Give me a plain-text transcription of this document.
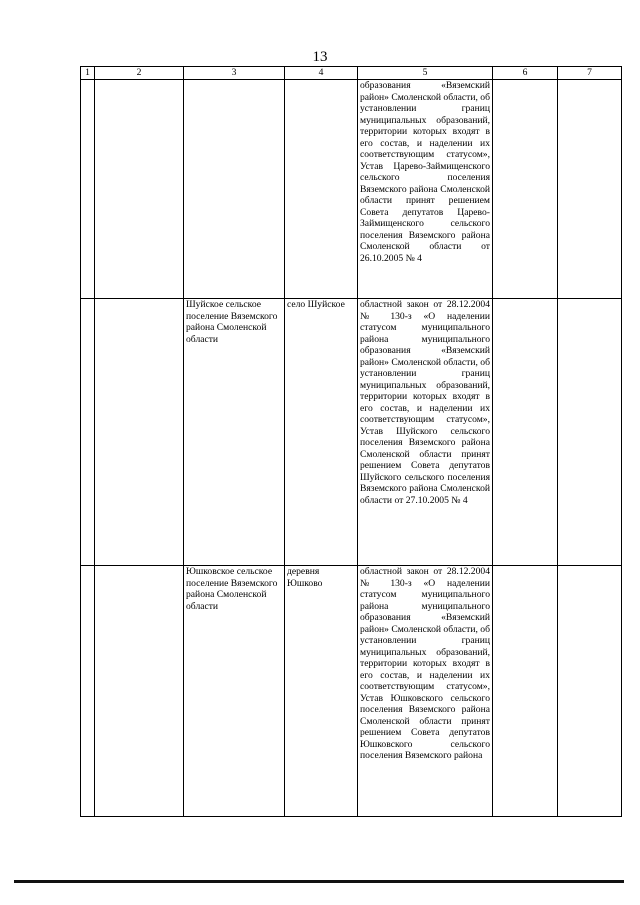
13
1	2	3	4	5	6	7
				образования «Вяземский район» Смоленской области, об установлении границ муниципальных образований, территории которых входят в его состав, и наделении их соответствующим статусом», Устав Царево-Займищенского сельского поселения Вяземского района Смоленской области принят решением Совета депутатов Царево-Займищенского сельского поселения Вяземского района Смоленской области от 26.10.2005 № 4		
		Шуйское сельское поселение Вяземского района Смоленской области	село Шуйское	областной закон от 28.12.2004 № 130-з «О наделении статусом муниципального района муниципального образования «Вяземский район» Смоленской области, об установлении границ муниципальных образований, территории которых входят в его состав, и наделении их соответствующим статусом», Устав Шуйского сельского поселения Вяземского района Смоленской области принят решением Совета депутатов Шуйского сельского поселения Вяземского района Смоленской области от 27.10.2005 № 4		
		Юшковское сельское поселение Вяземского района Смоленской области	деревня Юшково	областной закон от 28.12.2004 № 130-з «О наделении статусом муниципального района муниципального образования «Вяземский район» Смоленской области, об установлении границ муниципальных образований, территории которых входят в его состав, и наделении их соответствующим статусом», Устав Юшковского сельского поселения Вяземского района Смоленской области принят решением Совета депутатов Юшковского сельского поселения Вяземского района		
